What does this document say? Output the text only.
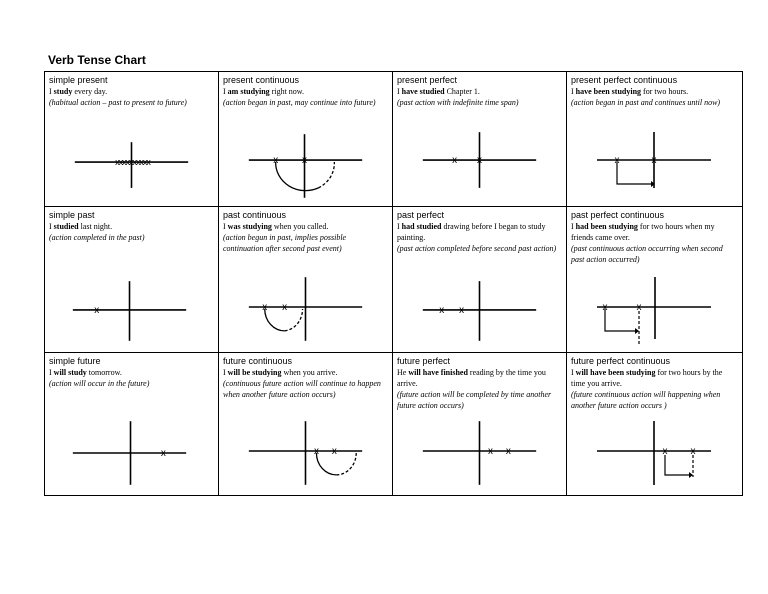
Verb Tense Chart
simple present
I study every day.
(habitual action – past to present to future)
xxxxxxxxxx
present continuous
I am studying right now.
(action began in past, may continue into future)
x x
present perfect
I have studied Chapter 1.
(past action with indefinite time span)
x x
present perfect continuous
I have been studying for two hours.
(action began in past and continues until now)
x	x
simple past
I studied last night.
(action completed in the past)
x
past continuous
I was studying when you called.
(action begun in past, implies possible continuation after second past event)
x x
past perfect
I had studied drawing before I began to study painting.
(past action completed before second past action)
x x
past perfect continuous
I had been studying for two hours when my friends came over.
(past continuous action occurring when second past action occurred)
x	x
simple future
I will study tomorrow.
(action will occur in the future)
x
future continuous
I will be studying when you arrive.
(continuous future action will continue to happen when another future action occurs)
x x
future perfect
He will have finished reading by the time you arrive.
(future action will be completed by time another future action occurs)
x x
future perfect continuous
I will have been studying for two hours by the time you arrive.
(future continuous action will happening when another future action occurs )
x x
